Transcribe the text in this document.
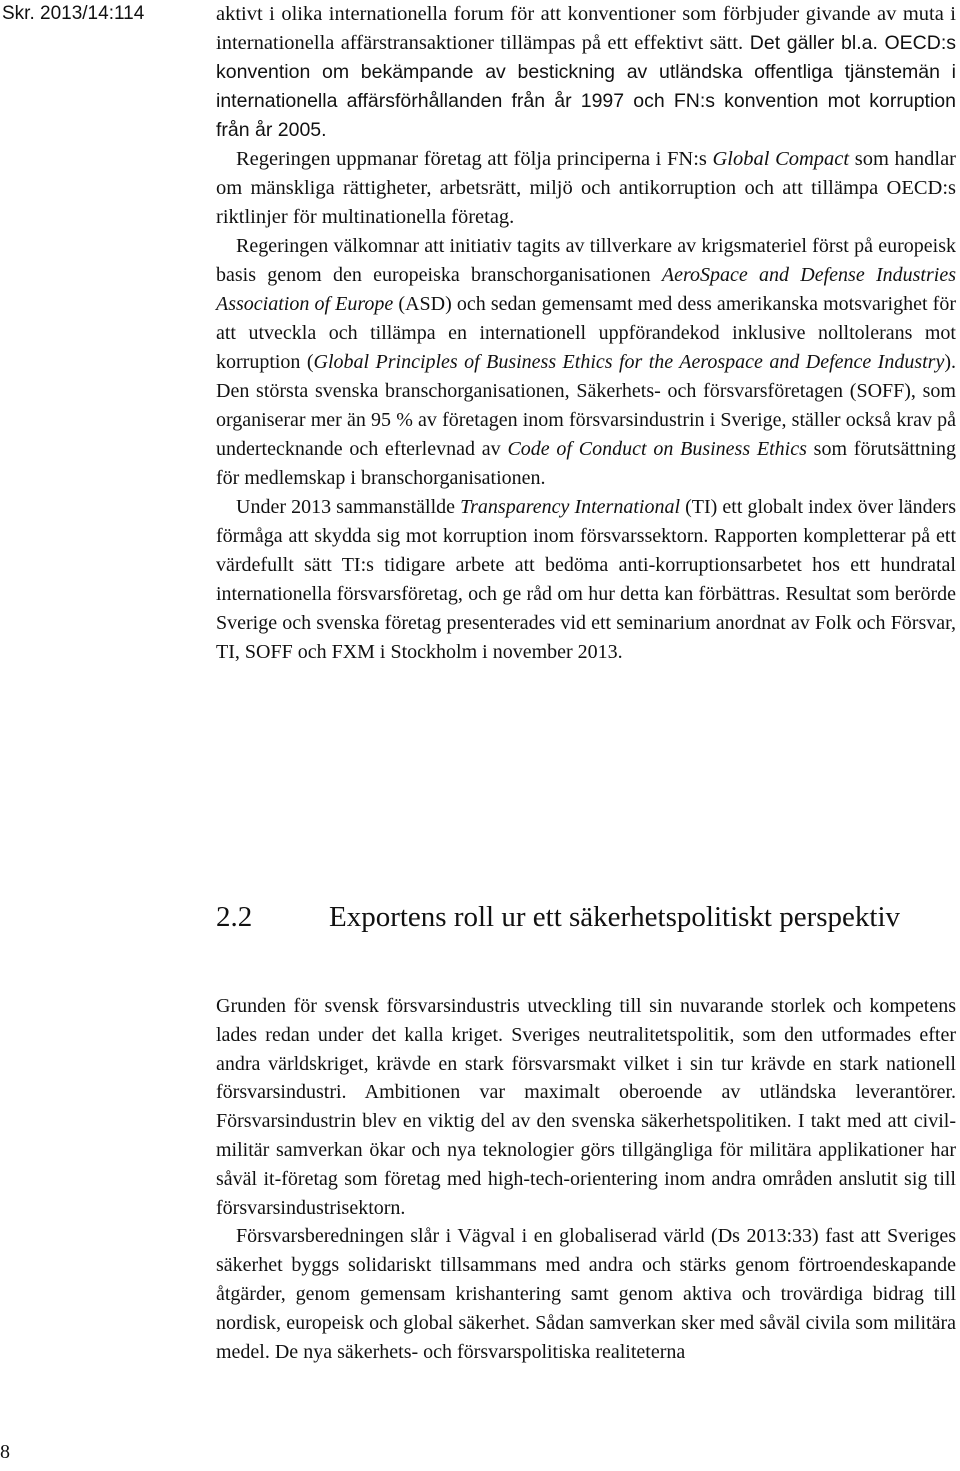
Skr. 2013/14:114	aktivt i olika internationella forum för att konventioner som förbjuder givande av muta i internationella affärstransaktioner tillämpas på ett effektivt sätt. Det gäller bl.a. OECD:s konvention om bekämpande av bestickning av utländska offentliga tjänstemän i internationella affärsförhållanden från år 1997 och FN:s konvention mot korruption från år 2005.

Regeringen uppmanar företag att följa principerna i FN:s Global Compact som handlar om mänskliga rättigheter, arbetsrätt, miljö och antikorruption och att tillämpa OECD:s riktlinjer för multinationella företag.

Regeringen välkomnar att initiativ tagits av tillverkare av krigsmateriel först på europeisk basis genom den europeiska branschorganisationen AeroSpace and Defense Industries Association of Europe (ASD) och sedan gemensamt med dess amerikanska motsvarighet för att utveckla och tillämpa en internationell uppförandekod inklusive nolltolerans mot korruption (Global Principles of Business Ethics for the Aerospace and Defence Industry). Den största svenska branschorganisationen, Säkerhets- och försvarsföretagen (SOFF), som organiserar mer än 95 % av företagen inom försvarsindustrin i Sverige, ställer också krav på undertecknande och efterlevnad av Code of Conduct on Business Ethics som förutsättning för medlemskap i branschorganisationen.

Under 2013 sammanställde Transparency International (TI) ett globalt index över länders förmåga att skydda sig mot korruption inom försvarssektorn. Rapporten kompletterar på ett värdefullt sätt TI:s tidigare arbete att bedöma anti-korruptionsarbetet hos ett hundratal internationella försvarsföretag, och ge råd om hur detta kan förbättras. Resultat som berörde Sverige och svenska företag presenterades vid ett seminarium anordnat av Folk och Försvar, TI, SOFF och FXM i Stockholm i november 2013.

2.2	Exportens roll ur ett säkerhetspolitiskt perspektiv

Grunden för svensk försvarsindustris utveckling till sin nuvarande storlek och kompetens lades redan under det kalla kriget. Sveriges neutralitetspolitik, som den utformades efter andra världskriget, krävde en stark försvarsmakt vilket i sin tur krävde en stark nationell försvarsindustri. Ambitionen var maximalt oberoende av utländska leverantörer. Försvarsindustrin blev en viktig del av den svenska säkerhetspolitiken. I takt med att civil-militär samverkan ökar och nya teknologier görs tillgängliga för militära applikationer har såväl it-företag som företag med high-tech-orientering inom andra områden anslutit sig till försvarsindustrisektorn.

Försvarsberedningen slår i Vägval i en globaliserad värld (Ds 2013:33) fast att Sveriges säkerhet byggs solidariskt tillsammans med andra och stärks genom förtroendeskapande åtgärder, genom gemensam krishantering samt genom aktiva och trovärdiga bidrag till nordisk, europeisk och global säkerhet. Sådan samverkan sker med såväl civila som militära medel. De nya säkerhets- och försvarspolitiska realiteterna

8
